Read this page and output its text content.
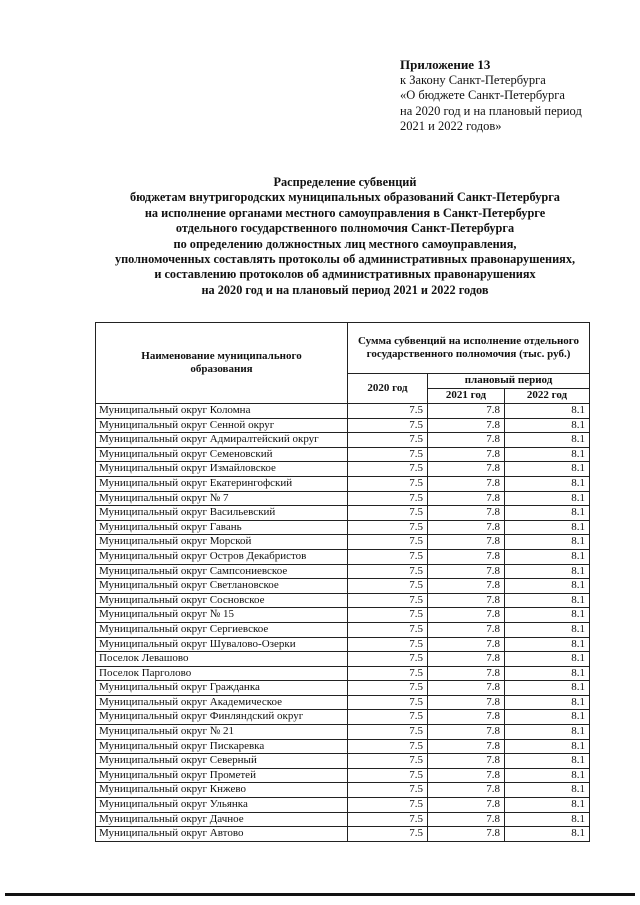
Приложение 13
к Закону Санкт-Петербурга
«О бюджете Санкт-Петербурга
на 2020 год и на плановый период
2021 и 2022 годов»
Распределение субвенций
бюджетам внутригородских муниципальных образований Санкт-Петербурга
на исполнение органами местного самоуправления в Санкт-Петербурге
отдельного государственного полномочия Санкт-Петербурга
по определению должностных лиц местного самоуправления,
уполномоченных составлять протоколы об административных правонарушениях,
и составлению протоколов об административных правонарушениях
на 2020 год и на плановый период 2021 и 2022 годов
Наименование муниципального образования	Сумма субвенций на исполнение отдельного государственного полномочия (тыс. руб.)		
	2020 год	плановый период	
		2021 год	2022 год
Муниципальный округ Коломна	7.5	7.8	8.1
Муниципальный округ Сенной округ	7.5	7.8	8.1
Муниципальный округ Адмиралтейский округ	7.5	7.8	8.1
Муниципальный округ Семеновский	7.5	7.8	8.1
Муниципальный округ Измайловское	7.5	7.8	8.1
Муниципальный округ Екатерингофский	7.5	7.8	8.1
Муниципальный округ № 7	7.5	7.8	8.1
Муниципальный округ Васильевский	7.5	7.8	8.1
Муниципальный округ Гавань	7.5	7.8	8.1
Муниципальный округ Морской	7.5	7.8	8.1
Муниципальный округ Остров Декабристов	7.5	7.8	8.1
Муниципальный округ Сампсониевское	7.5	7.8	8.1
Муниципальный округ Светлановское	7.5	7.8	8.1
Муниципальный округ Сосновское	7.5	7.8	8.1
Муниципальный округ № 15	7.5	7.8	8.1
Муниципальный округ Сергиевское	7.5	7.8	8.1
Муниципальный округ Шувалово-Озерки	7.5	7.8	8.1
Поселок Левашово	7.5	7.8	8.1
Поселок Парголово	7.5	7.8	8.1
Муниципальный округ Гражданка	7.5	7.8	8.1
Муниципальный округ Академическое	7.5	7.8	8.1
Муниципальный округ Финляндский округ	7.5	7.8	8.1
Муниципальный округ № 21	7.5	7.8	8.1
Муниципальный округ Пискаревка	7.5	7.8	8.1
Муниципальный округ Северный	7.5	7.8	8.1
Муниципальный округ Прометей	7.5	7.8	8.1
Муниципальный округ Кнжево	7.5	7.8	8.1
Муниципальный округ Ульянка	7.5	7.8	8.1
Муниципальный округ Дачное	7.5	7.8	8.1
Муниципальный округ Автово	7.5	7.8	8.1
